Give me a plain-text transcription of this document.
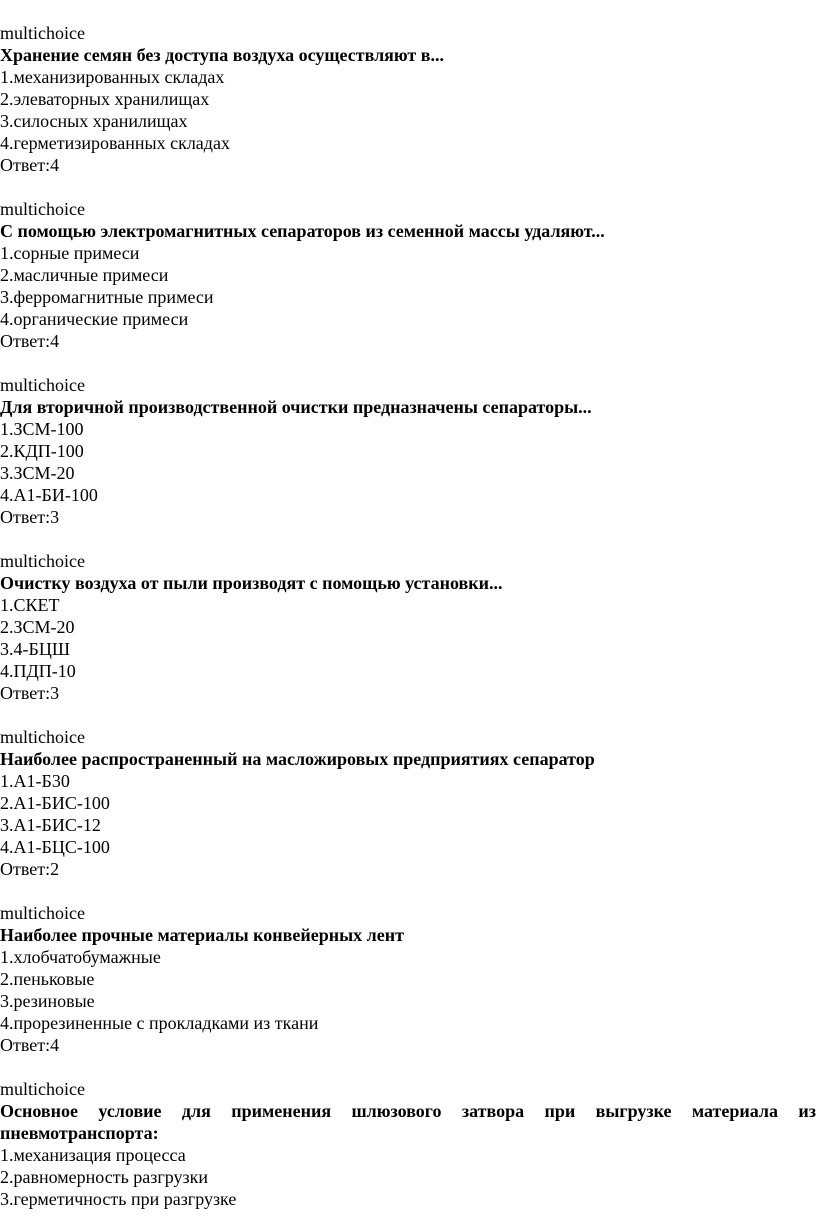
multichoice
Хранение семян без доступа воздуха осуществляют в...
1.механизированных складах
2.элеваторных хранилищах
3.силосных хранилищах
4.герметизированных складах
Ответ:4
multichoice
С помощью электромагнитных сепараторов из семенной массы удаляют...
1.сорные примеси
2.масличные примеси
3.ферромагнитные примеси
4.органические примеси
Ответ:4
multichoice
Для вторичной производственной очистки предназначены сепараторы...
1.ЗСМ-100
2.КДП-100
3.ЗСМ-20
4.А1-БИ-100
Ответ:3
multichoice
Очистку воздуха от пыли производят с помощью установки...
1.СКЕТ
2.ЗСМ-20
3.4-БЦШ
4.ПДП-10
Ответ:3
multichoice
Наиболее распространенный на масложировых предприятиях сепаратор
1.А1-Б30
2.А1-БИС-100
3.А1-БИС-12
4.А1-БЦС-100
Ответ:2
multichoice
Наиболее прочные материалы конвейерных лент
1.хлобчатобумажные
2.пеньковые
3.резиновые
4.прорезиненные с прокладками из ткани
Ответ:4
multichoice
Основное условие для применения шлюзового затвора при выгрузке материала из пневмотранспорта:
1.механизация процесса
2.равномерность разгрузки
3.герметичность при разгрузке
